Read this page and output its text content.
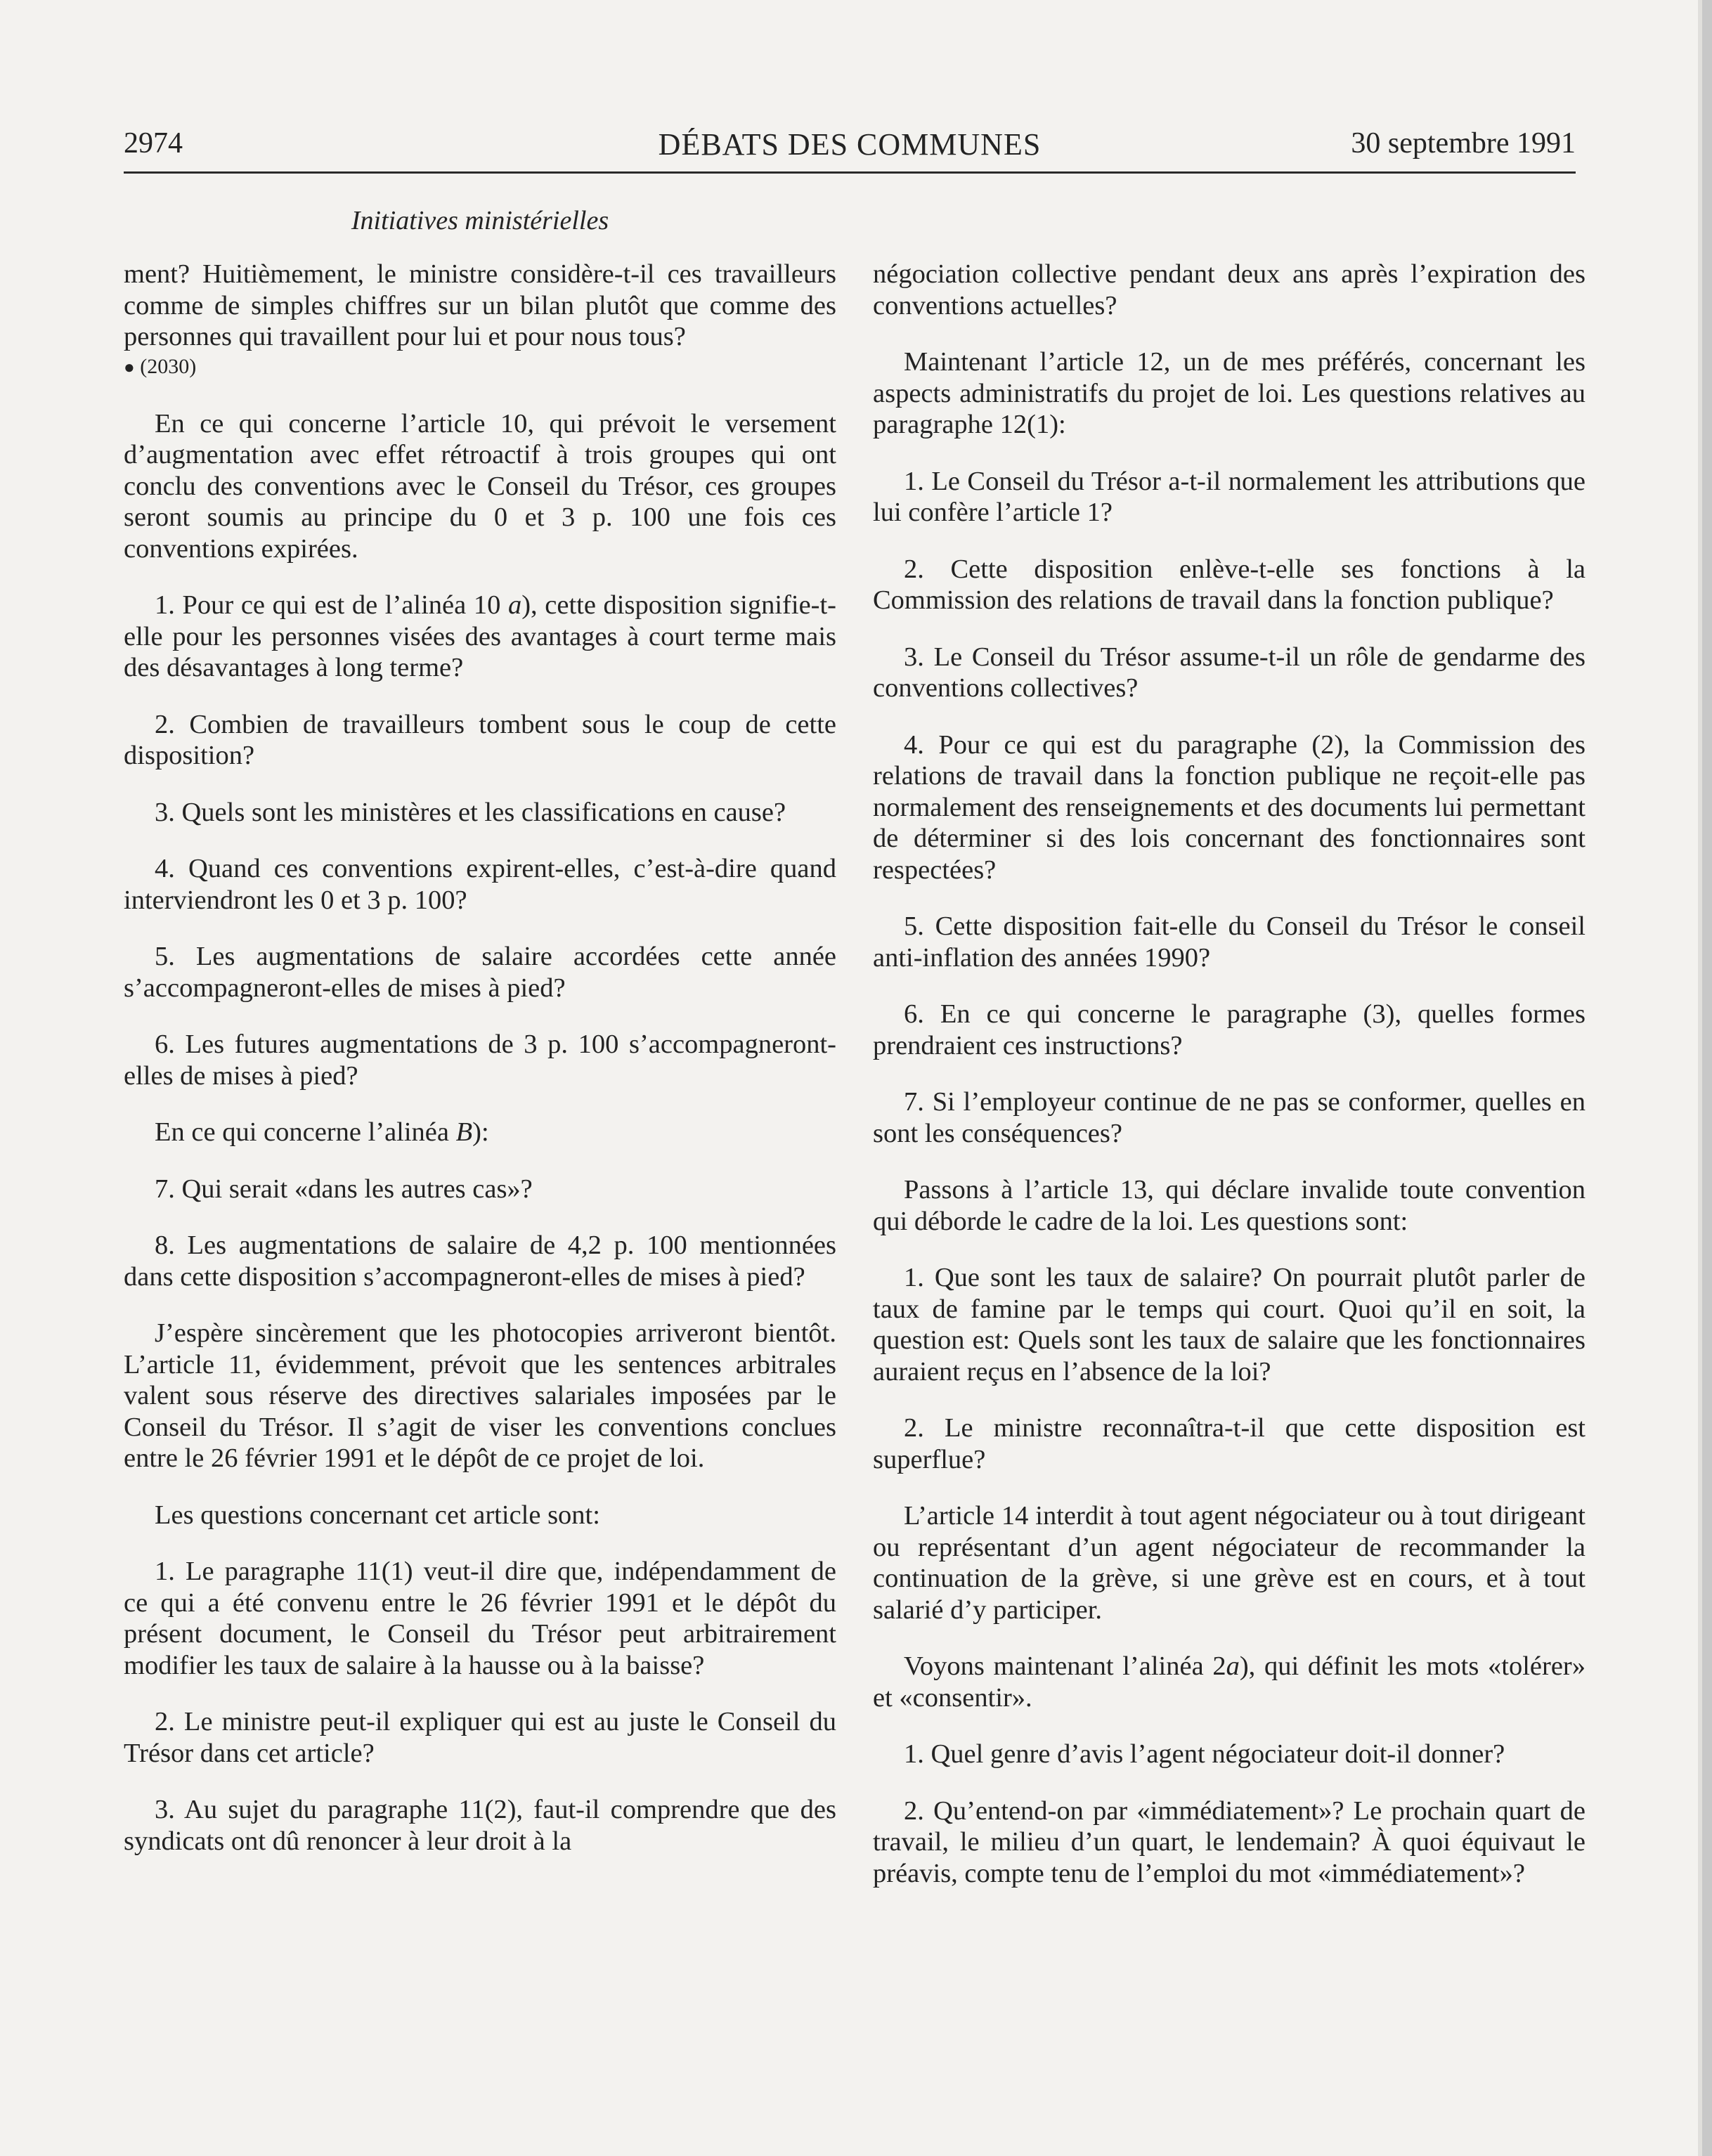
2974	DÉBATS DES COMMUNES	30 septembre 1991
Initiatives ministérielles

ment? Huitièmement, le ministre considère-t-il ces travailleurs comme de simples chiffres sur un bilan plutôt que comme des personnes qui travaillent pour lui et pour nous tous?

● (2030)

En ce qui concerne l’article 10, qui prévoit le versement d’augmentation avec effet rétroactif à trois groupes qui ont conclu des conventions avec le Conseil du Trésor, ces groupes seront soumis au principe du 0 et 3 p. 100 une fois ces conventions expirées.

1. Pour ce qui est de l’alinéa 10 a), cette disposition signifie-t-elle pour les personnes visées des avantages à court terme mais des désavantages à long terme?

2. Combien de travailleurs tombent sous le coup de cette disposition?

3. Quels sont les ministères et les classifications en cause?

4. Quand ces conventions expirent-elles, c’est-à-dire quand interviendront les 0 et 3 p. 100?

5. Les augmentations de salaire accordées cette année s’accompagneront-elles de mises à pied?

6. Les futures augmentations de 3 p. 100 s’accompagneront-elles de mises à pied?

En ce qui concerne l’alinéa B):

7. Qui serait «dans les autres cas»?

8. Les augmentations de salaire de 4,2 p. 100 mentionnées dans cette disposition s’accompagneront-elles de mises à pied?

J’espère sincèrement que les photocopies arriveront bientôt. L’article 11, évidemment, prévoit que les sentences arbitrales valent sous réserve des directives salariales imposées par le Conseil du Trésor. Il s’agit de viser les conventions conclues entre le 26 février 1991 et le dépôt de ce projet de loi.

Les questions concernant cet article sont:

1. Le paragraphe 11(1) veut-il dire que, indépendamment de ce qui a été convenu entre le 26 février 1991 et le dépôt du présent document, le Conseil du Trésor peut arbitrairement modifier les taux de salaire à la hausse ou à la baisse?

2. Le ministre peut-il expliquer qui est au juste le Conseil du Trésor dans cet article?

3. Au sujet du paragraphe 11(2), faut-il comprendre que des syndicats ont dû renoncer à leur droit à la

négociation collective pendant deux ans après l’expiration des conventions actuelles?

Maintenant l’article 12, un de mes préférés, concernant les aspects administratifs du projet de loi. Les questions relatives au paragraphe 12(1):

1. Le Conseil du Trésor a-t-il normalement les attributions que lui confère l’article 1?

2. Cette disposition enlève-t-elle ses fonctions à la Commission des relations de travail dans la fonction publique?

3. Le Conseil du Trésor assume-t-il un rôle de gendarme des conventions collectives?

4. Pour ce qui est du paragraphe (2), la Commission des relations de travail dans la fonction publique ne reçoit-elle pas normalement des renseignements et des documents lui permettant de déterminer si des lois concernant des fonctionnaires sont respectées?

5. Cette disposition fait-elle du Conseil du Trésor le conseil anti-inflation des années 1990?

6. En ce qui concerne le paragraphe (3), quelles formes prendraient ces instructions?

7. Si l’employeur continue de ne pas se conformer, quelles en sont les conséquences?

Passons à l’article 13, qui déclare invalide toute convention qui déborde le cadre de la loi. Les questions sont:

1. Que sont les taux de salaire? On pourrait plutôt parler de taux de famine par le temps qui court. Quoi qu’il en soit, la question est: Quels sont les taux de salaire que les fonctionnaires auraient reçus en l’absence de la loi?

2. Le ministre reconnaîtra-t-il que cette disposition est superflue?

L’article 14 interdit à tout agent négociateur ou à tout dirigeant ou représentant d’un agent négociateur de recommander la continuation de la grève, si une grève est en cours, et à tout salarié d’y participer.

Voyons maintenant l’alinéa 2a), qui définit les mots «tolérer» et «consentir».

1. Quel genre d’avis l’agent négociateur doit-il donner?

2. Qu’entend-on par «immédiatement»? Le prochain quart de travail, le milieu d’un quart, le lendemain? À quoi équivaut le préavis, compte tenu de l’emploi du mot «immédiatement»?
